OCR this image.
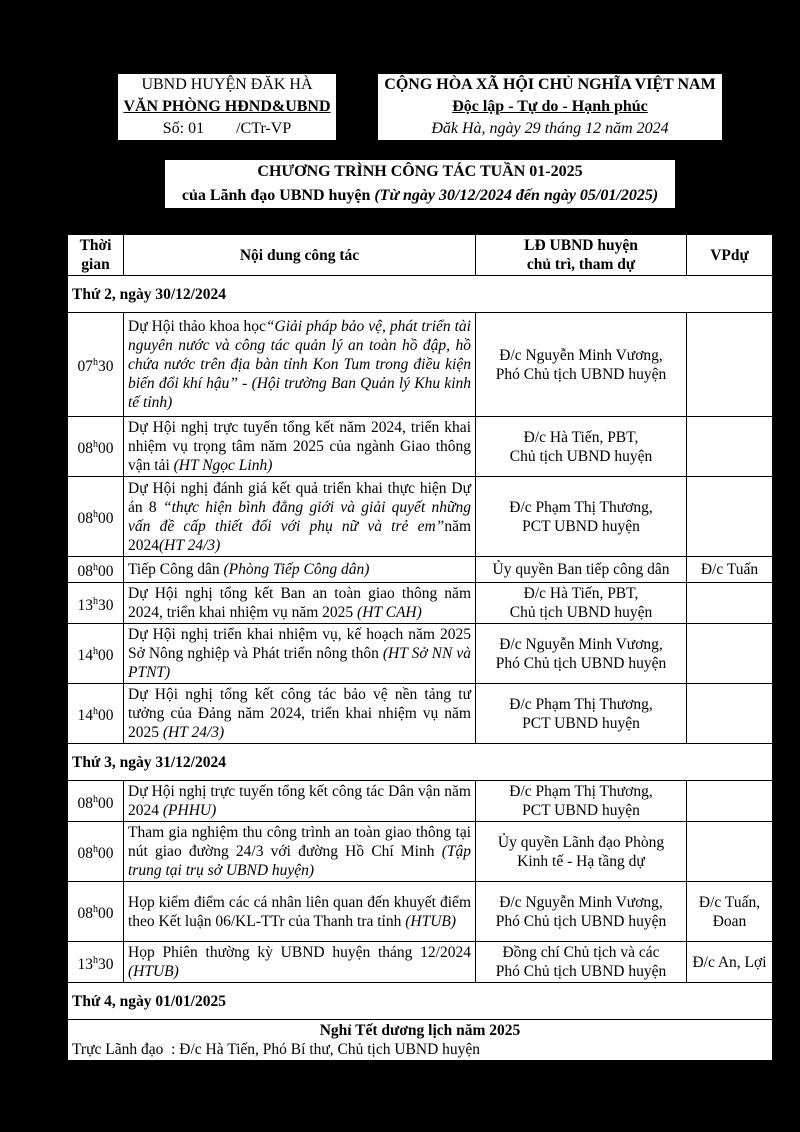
UBND HUYỆN ĐĂK HÀ
VĂN PHÒNG HĐND&UBND
Số: 01        /CTr-VP
CỘNG HÒA XÃ HỘI CHỦ NGHĨA VIỆT NAM
Độc lập - Tự do - Hạnh phúc
Đăk Hà, ngày 29 tháng 12 năm 2024
CHƯƠNG TRÌNH CÔNG TÁC TUẦN 01-2025
của Lãnh đạo UBND huyện (Từ ngày 30/12/2024 đến ngày 05/01/2025)
Thời gian	Nội dung công tác	LĐ UBND huyện
chủ trì, tham dự	VPdự
Thứ 2, ngày 30/12/2024			
07$^h$30	Dự Hội thảo khoa học“Giải pháp bảo vệ, phát triển tài nguyên nước và công tác quản lý an toàn hồ đập, hồ chứa nước trên địa bàn tỉnh Kon Tum trong điều kiện biến đổi khí hậu” - (Hội trường Ban Quản lý Khu kinh tế tỉnh)	Đ/c Nguyễn Minh Vương,
Phó Chủ tịch UBND huyện	

08$^h$00	Dự Hội nghị trực tuyến tổng kết năm 2024, triển khai nhiệm vụ trọng tâm năm 2025 của ngành Giao thông vận tải (HT Ngọc Linh)	Đ/c Hà Tiến, PBT,
Chủ tịch UBND huyện	

08$^h$00	Dự Hội nghị đánh giá kết quả triển khai thực hiện Dự án 8 “thực hiện bình đẳng giới và giải quyết những vấn đề cấp thiết đối với phụ nữ và trẻ em”năm 2024(HT 24/3)	Đ/c Phạm Thị Thương,
PCT UBND huyện	

08$^h$00	Tiếp Công dân (Phòng Tiếp Công dân)	Ủy quyền Ban tiếp công dân	Đ/c Tuấn
13$^h$30	Dự Hội nghị tổng kết Ban an toàn giao thông năm 2024, triển khai nhiệm vụ năm 2025 (HT CAH)	Đ/c Hà Tiến, PBT,
Chủ tịch UBND huyện	

14$^h$00	Dự Hội nghị triển khai nhiệm vụ, kế hoạch năm 2025 Sở Nông nghiệp và Phát triển nông thôn (HT Sở NN và PTNT)	Đ/c Nguyễn Minh Vương,
Phó Chủ tịch UBND huyện	

14$^h$00	Dự Hội nghị tổng kết công tác bảo vệ nền tảng tư tưởng của Đảng năm 2024, triển khai nhiệm vụ năm 2025 (HT 24/3)	Đ/c Phạm Thị Thương,
PCT UBND huyện	

Thứ 3, ngày 31/12/2024			
08$^h$00	Dự Hội nghị trực tuyến tổng kết công tác Dân vận năm 2024 (PHHU)	Đ/c Phạm Thị Thương,
PCT UBND huyện	

08$^h$00	Tham gia nghiệm thu công trình an toàn giao thông tại nút giao đường 24/3 với đường Hồ Chí Minh (Tập trung tại trụ sở UBND huyện)	Ủy quyền Lãnh đạo Phòng
Kinh tế - Hạ tầng dự	

08$^h$00	Họp kiểm điểm các cá nhân liên quan đến khuyết điểm theo Kết luận 06/KL-TTr của Thanh tra tỉnh (HTUB)	Đ/c Nguyễn Minh Vương,
Phó Chủ tịch UBND huyện	Đ/c Tuấn, Đoan
13$^h$30	Họp Phiên thường kỳ UBND huyện tháng 12/2024 (HTUB)	Đồng chí Chủ tịch và các
Phó Chủ tịch UBND huyện	Đ/c An, Lợi
Thứ 4, ngày 01/01/2025			

Nghỉ Tết dương lịch năm 2025
Trực Lãnh đạo  : Đ/c Hà Tiến, Phó Bí thư, Chủ tịch UBND huyện			
